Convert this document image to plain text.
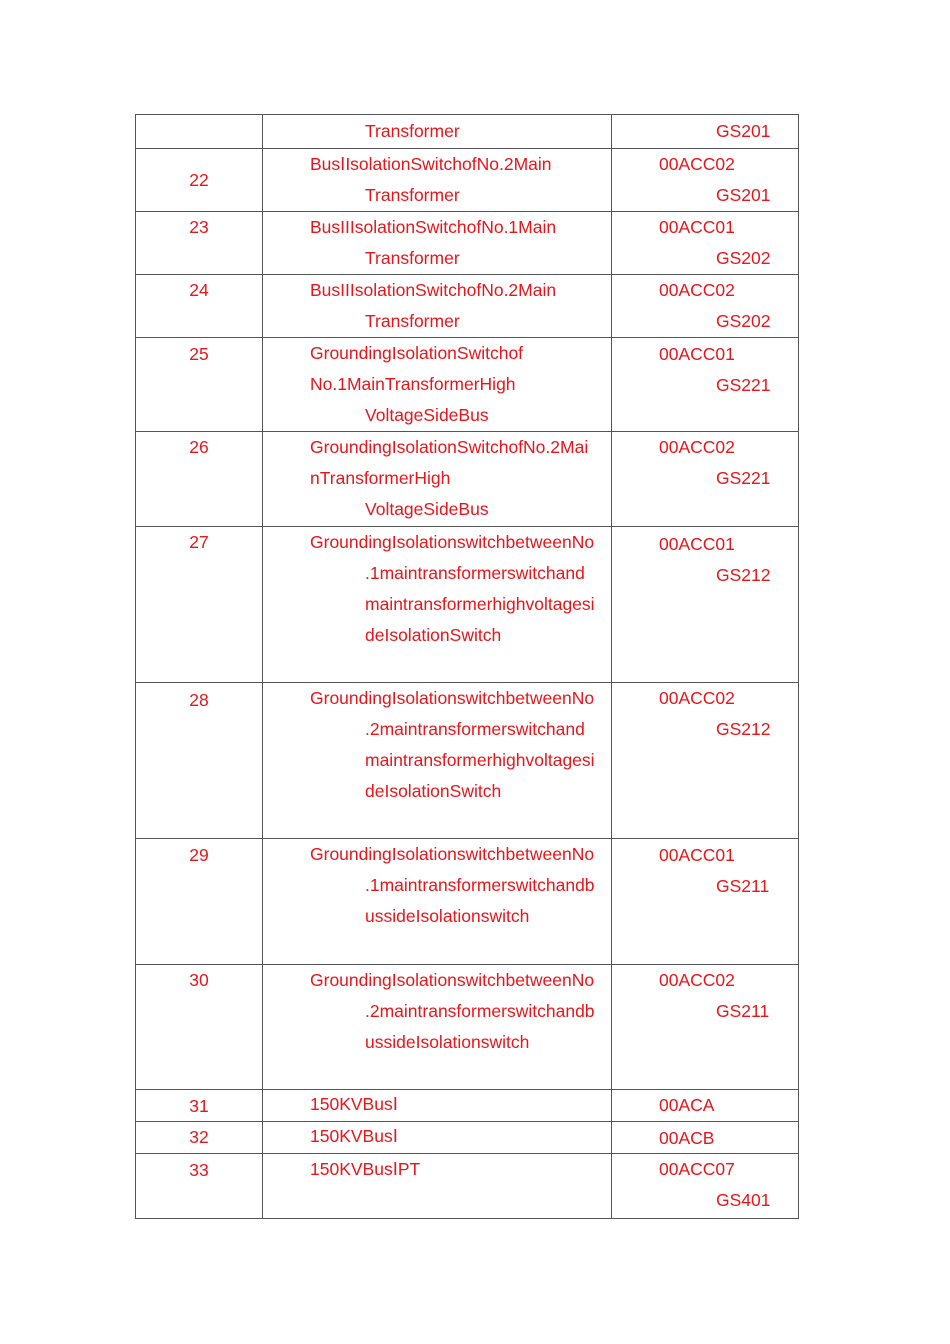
	Transformer	GS201

22	BusⅠIsolationSwitchofNo.2Main
Transformer	00ACC02
GS201

23	BusIIIsolationSwitchofNo.1Main
Transformer	00ACC01
GS202

24	BusIIIsolationSwitchofNo.2Main
Transformer	00ACC02
GS202

25	GroundingIsolationSwitchof
No.1MainTransformerHigh
VoltageSideBus	00ACC01
GS221

26	GroundingIsolationSwitchofNo.2Mai
nTransformerHigh
VoltageSideBus	00ACC02
GS221

27	GroundingIsolationswitchbetweenNo
.1maintransformerswitchand
maintransformerhighvoltagesi
deIsolationSwitch	00ACC01
GS212

28	GroundingIsolationswitchbetweenNo
.2maintransformerswitchand
maintransformerhighvoltagesi
deIsolationSwitch	00ACC02
GS212

29	GroundingIsolationswitchbetweenNo
.1maintransformerswitchandb
ussideIsolationswitch	00ACC01
GS211

30	GroundingIsolationswitchbetweenNo
.2maintransformerswitchandb
ussideIsolationswitch	00ACC02
GS211

31	150KVBusⅠ	00ACA

32	150KVBusⅠ	00ACB

33	150KVBusⅠPT	00ACC07
GS401
